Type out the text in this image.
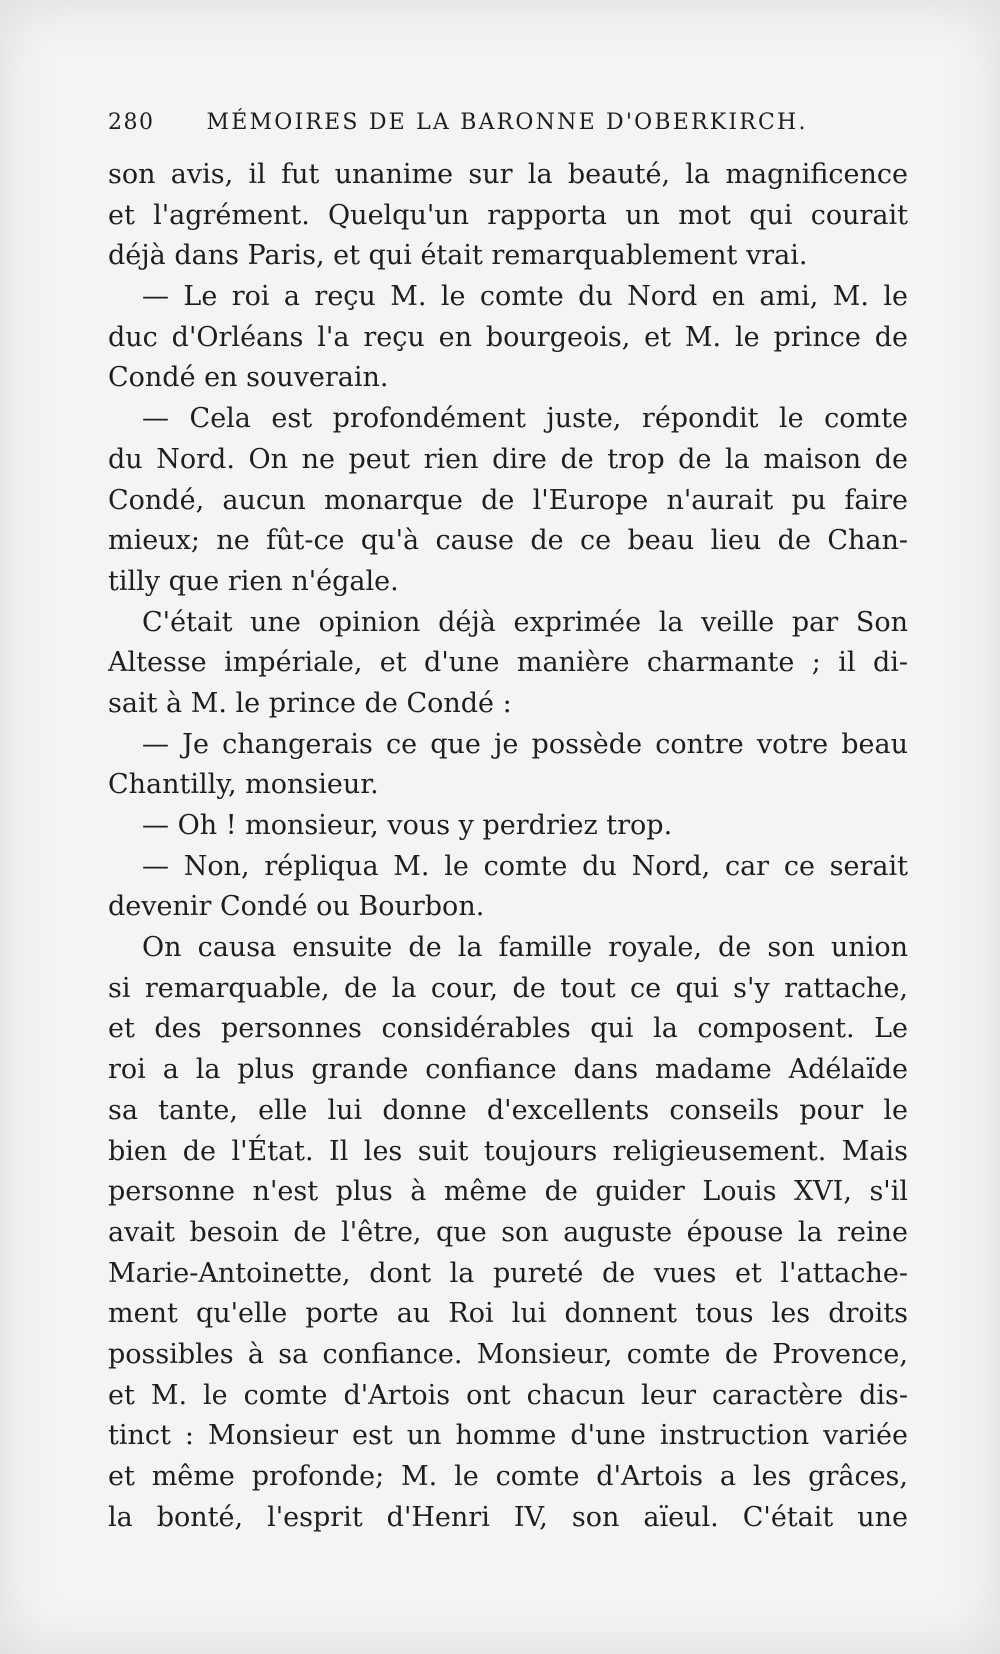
280 MÉMOIRES DE LA BARONNE D'OBERKIRCH.
son avis, il fut unanime sur la beauté, la magnificence
et l'agrément. Quelqu'un rapporta un mot qui courait
déjà dans Paris, et qui était remarquablement vrai.
— Le roi a reçu M. le comte du Nord en ami, M. le
duc d'Orléans l'a reçu en bourgeois, et M. le prince de
Condé en souverain.
— Cela est profondément juste, répondit le comte
du Nord. On ne peut rien dire de trop de la maison de
Condé, aucun monarque de l'Europe n'aurait pu faire
mieux; ne fût-ce qu'à cause de ce beau lieu de Chan-
tilly que rien n'égale.
C'était une opinion déjà exprimée la veille par Son
Altesse impériale, et d'une manière charmante ; il di-
sait à M. le prince de Condé :
— Je changerais ce que je possède contre votre beau
Chantilly, monsieur.
— Oh ! monsieur, vous y perdriez trop.
— Non, répliqua M. le comte du Nord, car ce serait
devenir Condé ou Bourbon.
On causa ensuite de la famille royale, de son union
si remarquable, de la cour, de tout ce qui s'y rattache,
et des personnes considérables qui la composent. Le
roi a la plus grande confiance dans madame Adélaïde
sa tante, elle lui donne d'excellents conseils pour le
bien de l'État. Il les suit toujours religieusement. Mais
personne n'est plus à même de guider Louis XVI, s'il
avait besoin de l'être, que son auguste épouse la reine
Marie-Antoinette, dont la pureté de vues et l'attache-
ment qu'elle porte au Roi lui donnent tous les droits
possibles à sa confiance. Monsieur, comte de Provence,
et M. le comte d'Artois ont chacun leur caractère dis-
tinct : Monsieur est un homme d'une instruction variée
et même profonde; M. le comte d'Artois a les grâces,
la bonté, l'esprit d'Henri IV, son aïeul. C'était une
